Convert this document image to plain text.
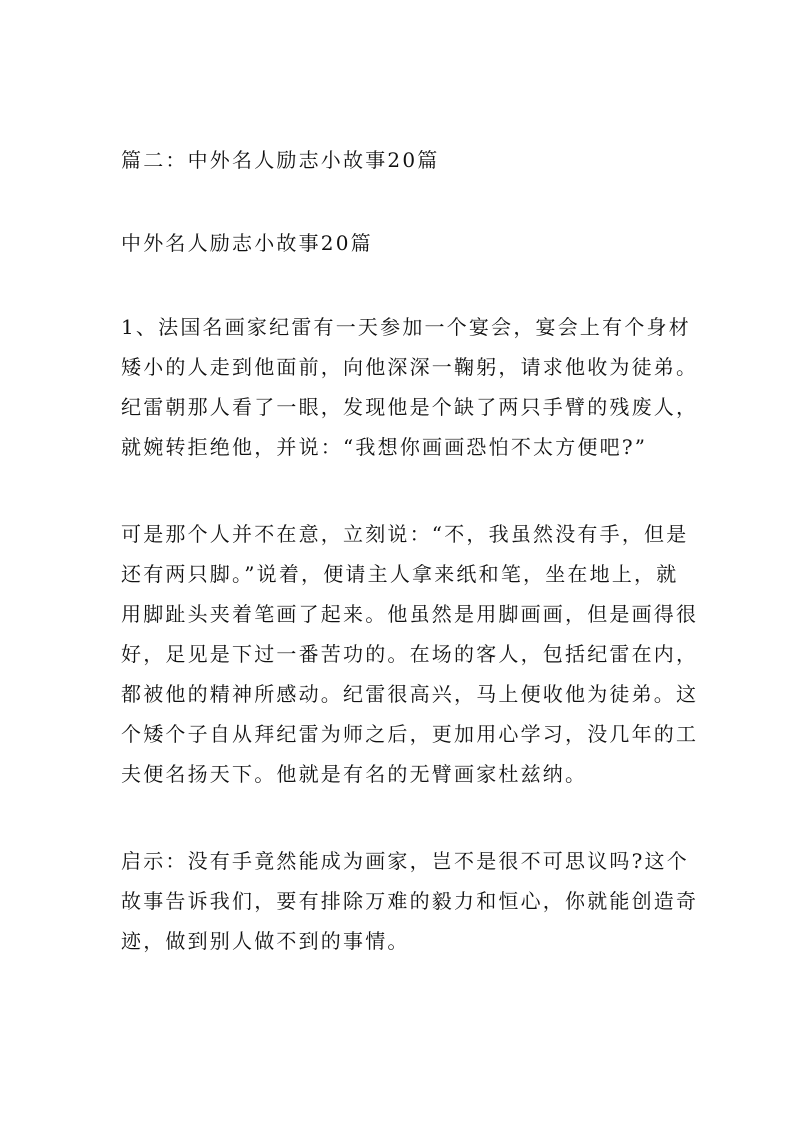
篇二：中外名人励志小故事20篇

中外名人励志小故事20篇

1、法国名画家纪雷有一天参加一个宴会，宴会上有个身材

矮小的人走到他面前，向他深深一鞠躬，请求他收为徒弟。

纪雷朝那人看了一眼，发现他是个缺了两只手臂的残废人，

就婉转拒绝他，并说：“我想你画画恐怕不太方便吧?”

可是那个人并不在意，立刻说：“不，我虽然没有手，但是

还有两只脚。”说着，便请主人拿来纸和笔，坐在地上，就

用脚趾头夹着笔画了起来。他虽然是用脚画画，但是画得很

好，足见是下过一番苦功的。在场的客人，包括纪雷在内，

都被他的精神所感动。纪雷很高兴，马上便收他为徒弟。这

个矮个子自从拜纪雷为师之后，更加用心学习，没几年的工

夫便名扬天下。他就是有名的无臂画家杜兹纳。

启示：没有手竟然能成为画家，岂不是很不可思议吗?这个

故事告诉我们，要有排除万难的毅力和恒心，你就能创造奇

迹，做到别人做不到的事情。
